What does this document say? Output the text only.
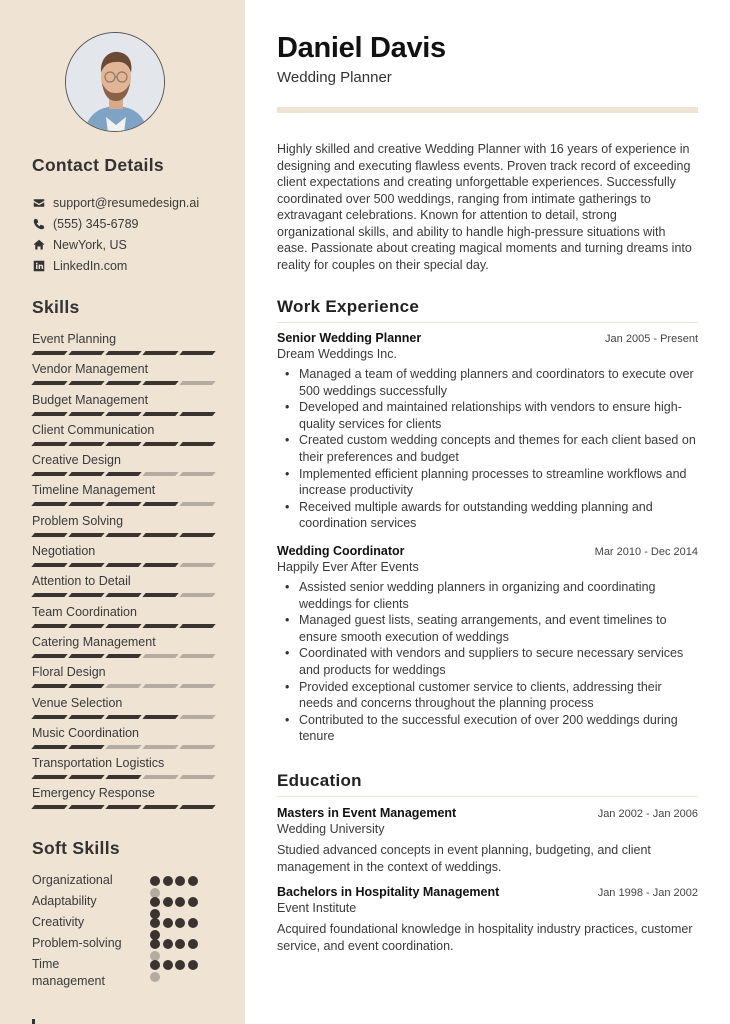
Contact Details
support@resumedesign.ai
(555) 345-6789
NewYork, US
LinkedIn.com
Skills
Event Planning
Vendor Management
Budget Management
Client Communication
Creative Design
Timeline Management
Problem Solving
Negotiation
Attention to Detail
Team Coordination
Catering Management
Floral Design
Venue Selection
Music Coordination
Transportation Logistics
Emergency Response
Soft Skills
Organizational
Adaptability
Creativity
Problem-solving
Time management
Daniel Davis
Wedding Planner

Highly skilled and creative Wedding Planner with 16 years of experience in designing and executing flawless events. Proven track record of exceeding client expectations and creating unforgettable experiences. Successfully coordinated over 500 weddings, ranging from intimate gatherings to extravagant celebrations. Known for attention to detail, strong organizational skills, and ability to handle high-pressure situations with ease. Passionate about creating magical moments and turning dreams into reality for couples on their special day.

Work Experience
Senior Wedding Planner	Jan 2005 - Present
Dream Weddings Inc.
• Managed a team of wedding planners and coordinators to execute over 500 weddings successfully
• Developed and maintained relationships with vendors to ensure high-quality services for clients
• Created custom wedding concepts and themes for each client based on their preferences and budget
• Implemented efficient planning processes to streamline workflows and increase productivity
• Received multiple awards for outstanding wedding planning and coordination services
Wedding Coordinator	Mar 2010 - Dec 2014
Happily Ever After Events
• Assisted senior wedding planners in organizing and coordinating weddings for clients
• Managed guest lists, seating arrangements, and event timelines to ensure smooth execution of weddings
• Coordinated with vendors and suppliers to secure necessary services and products for weddings
• Provided exceptional customer service to clients, addressing their needs and concerns throughout the planning process
• Contributed to the successful execution of over 200 weddings during tenure
Education
Masters in Event Management	Jan 2002 - Jan 2006
Wedding University

Studied advanced concepts in event planning, budgeting, and client management in the context of weddings.

Bachelors in Hospitality Management	Jan 1998 - Jan 2002
Event Institute

Acquired foundational knowledge in hospitality industry practices, customer service, and event coordination.
